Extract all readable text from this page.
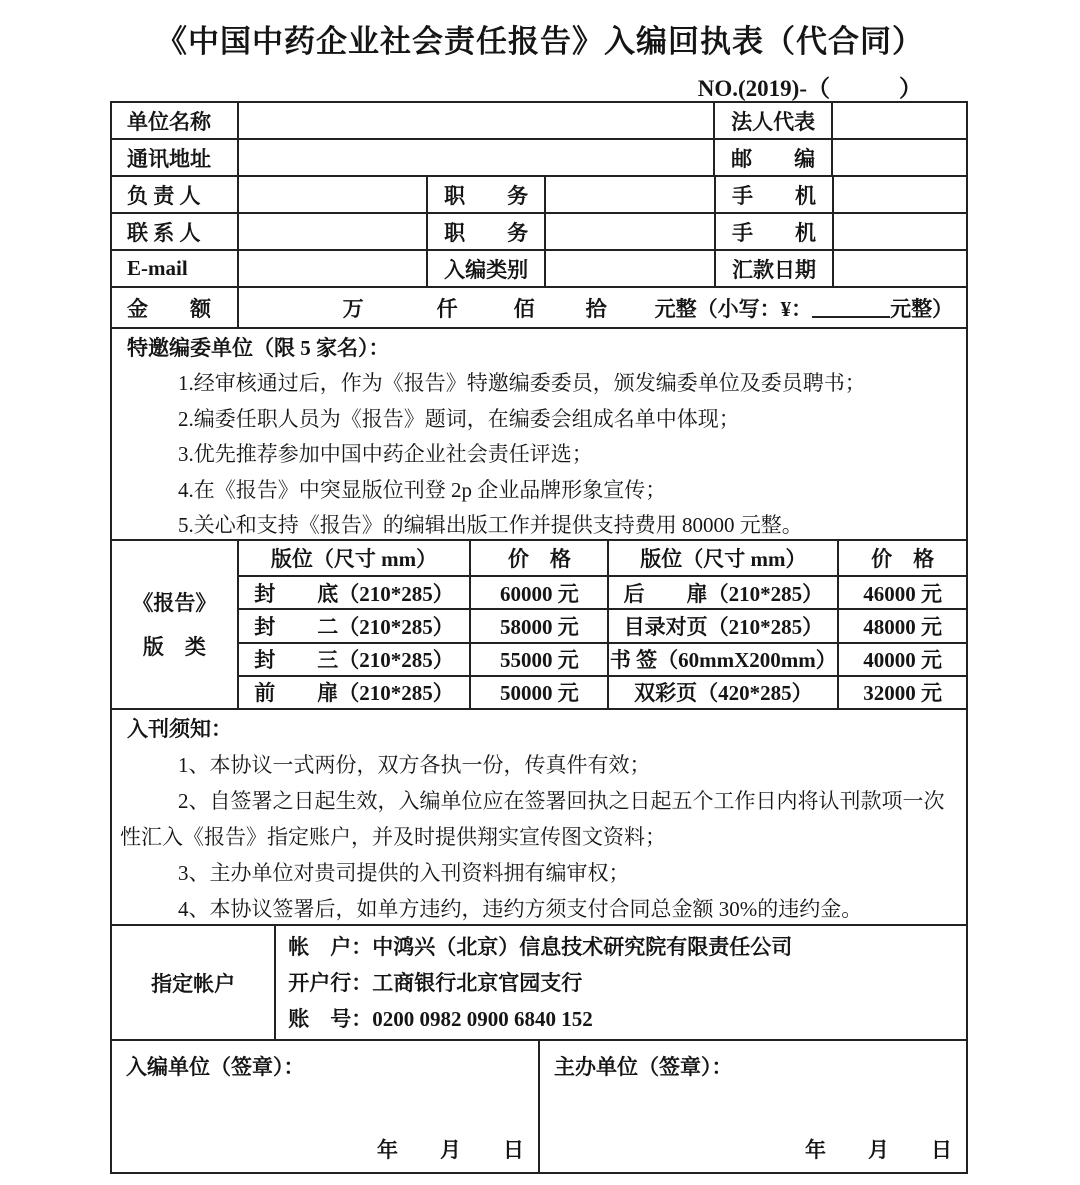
《中国中药企业社会责任报告》入编回执表（代合同）
NO.(2019)-（　　　）
单位名称	法人代表
通讯地址	邮　　编
负 责 人	职　　务	手　　机
联 系 人	职　　务	手　　机
E-mail	入编类别	汇款日期
金　　额	万	仟	佰	拾	元整（小写：¥：	元整）
特邀编委单位（限 5 家名）：

1.经审核通过后，作为《报告》特邀编委委员，颁发编委单位及委员聘书；

2.编委任职人员为《报告》题词，在编委会组成名单中体现；

3.优先推荐参加中国中药企业社会责任评选；

4.在《报告》中突显版位刊登 2p 企业品牌形象宣传；

5.关心和支持《报告》的编辑出版工作并提供支持费用 80000 元整。

《报告》
版　类
版位（尺寸 mm）	价　格	版位（尺寸 mm）	价　格
封　　底（210*285）	60000 元	后　　扉（210*285）	46000 元
封　　二（210*285）	58000 元	目录对页（210*285）	48000 元
封　　三（210*285）	55000 元	书 签（60mmX200mm）	40000 元
前　　扉（210*285）	50000 元	双彩页（420*285）	32000 元
入刊须知：

1、本协议一式两份，双方各执一份，传真件有效；

2、自签署之日起生效，入编单位应在签署回执之日起五个工作日内将认刊款项一次性汇入《报告》指定账户，并及时提供翔实宣传图文资料；

3、主办单位对贵司提供的入刊资料拥有编审权；

4、本协议签署后，如单方违约，违约方须支付合同总金额 30%的违约金。

指定帐户
帐　户：中鸿兴（北京）信息技术研究院有限责任公司
开户行：工商银行北京官园支行
账　号：0200 0982 0900 6840 152
入编单位（签章）：
年　　月　　日
主办单位（签章）：
年　　月　　日
